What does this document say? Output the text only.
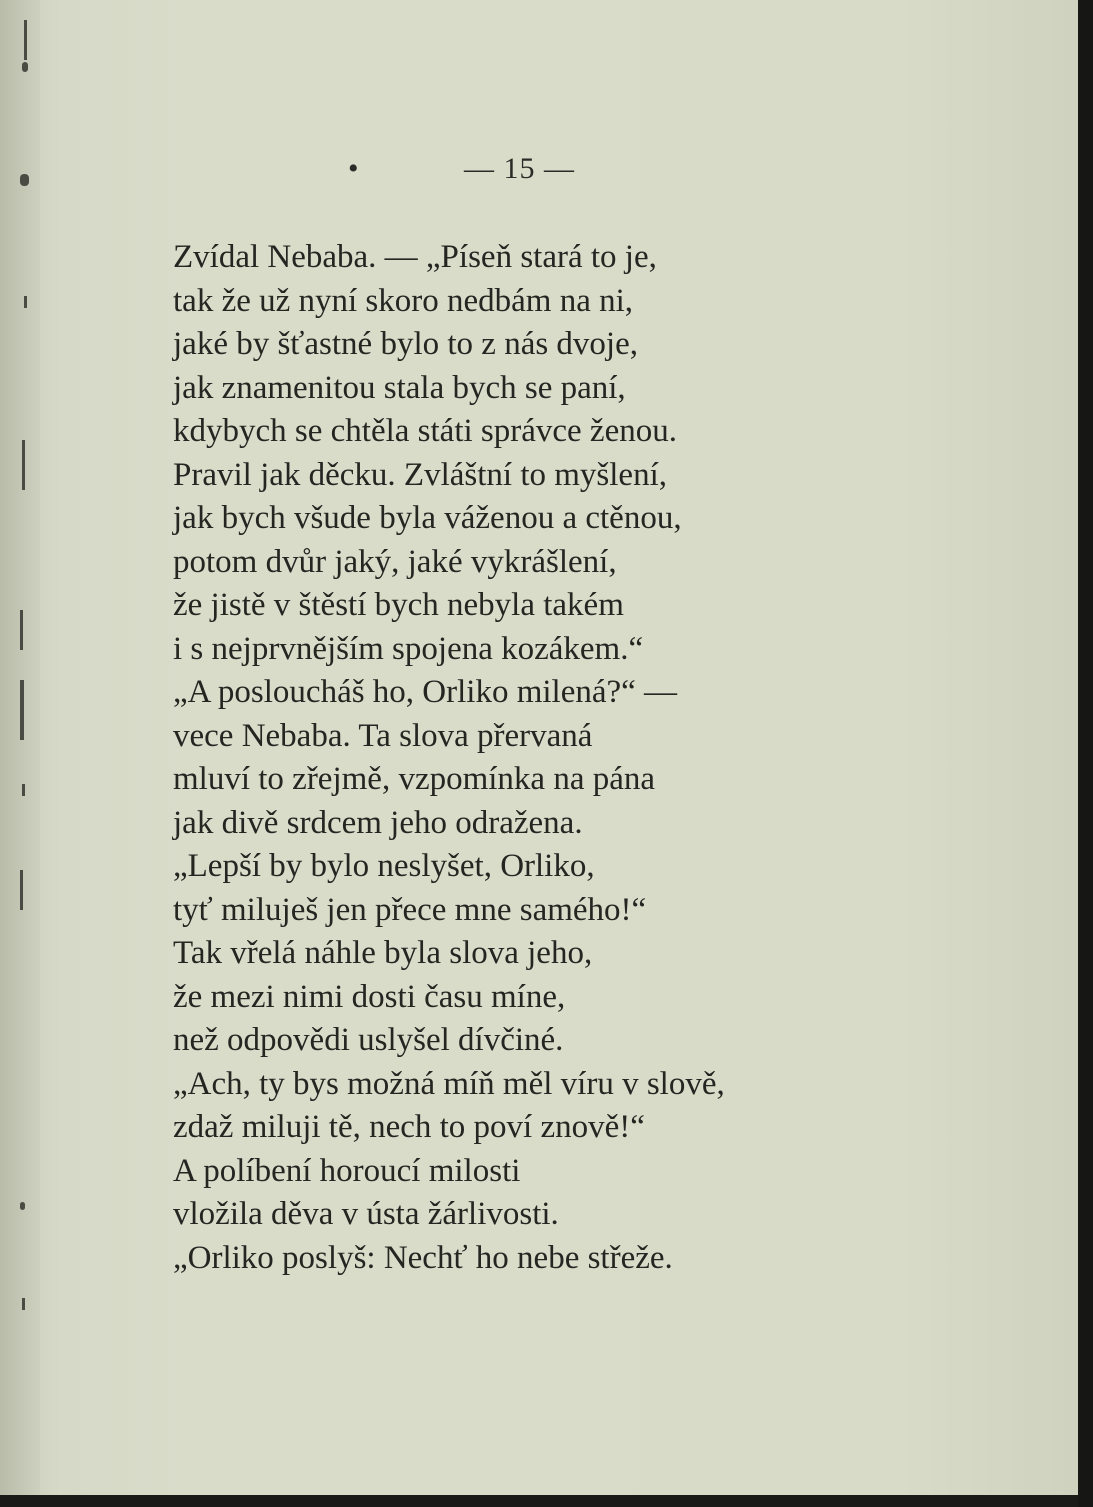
•	— 15 —
Zvídal Nebaba. — „Píseň stará to je,
tak že už nyní skoro nedbám na ni,
jaké by šťastné bylo to z nás dvoje,
jak znamenitou stala bych se paní,
kdybych se chtěla státi správce ženou.
Pravil jak děcku. Zvláštní to myšlení,
jak bych všude byla váženou a ctěnou,
potom dvůr jaký, jaké vykrášlení,
že jistě v štěstí bych nebyla takém
i s nejprvnějším spojena kozákem.“
„A posloucháš ho, Orliko milená?“ —
vece Nebaba. Ta slova přervaná
mluví to zřejmě, vzpomínka na pána
jak divě srdcem jeho odražena.
„Lepší by bylo neslyšet, Orliko,
tyť miluješ jen přece mne samého!“
Tak vřelá náhle byla slova jeho,
že mezi nimi dosti času míne,
než odpovědi uslyšel dívčiné.
„Ach, ty bys možná míň měl víru v slově,
zdaž miluji tě, nech to poví znově!“
A políbení horoucí milosti
vložila děva v ústa žárlivosti.
„Orliko poslyš: Nechť ho nebe střeže.
